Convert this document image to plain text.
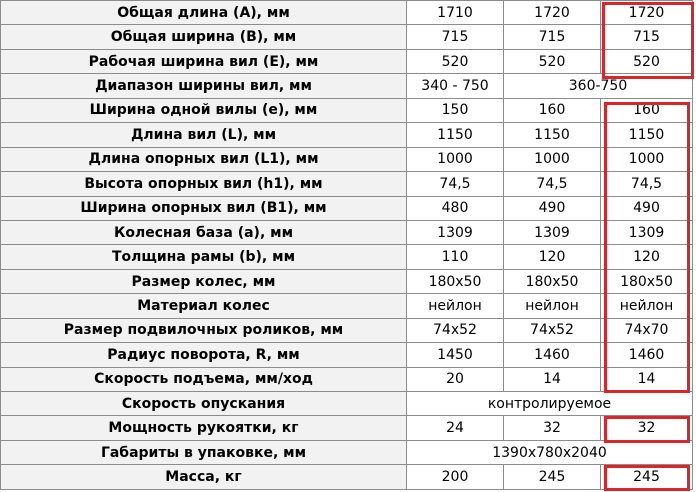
Общая длина (А), мм	1710	1720	1720
Общая ширина (В), мм	715	715	715
Рабочая ширина вил (Е), мм	520	520	520
Диапазон ширины вил, мм	340 - 750	360-750	
Ширина одной вилы (е), мм	150	160	160
Длина вил (L), мм	1150	1150	1150
Длина опорных вил (L1), мм	1000	1000	1000
Высота опорных вил (h1), мм	74,5	74,5	74,5
Ширина опорных вил (В1), мм	480	490	490
Колесная база (а), мм	1309	1309	1309
Толщина рамы (b), мм	110	120	120
Размер колес, мм	180x50	180x50	180x50
Материал колес	нейлон	нейлон	нейлон
Размер подвилочных роликов, мм	74x52	74x52	74x70
Радиус поворота, R, мм	1450	1460	1460
Скорость подъема, мм/ход	20	14	14
Скорость опускания	контролируемое		
Мощность рукоятки, кг	24	32	32
Габариты в упаковке, мм	1390x780x2040		
Масса, кг	200	245	245
